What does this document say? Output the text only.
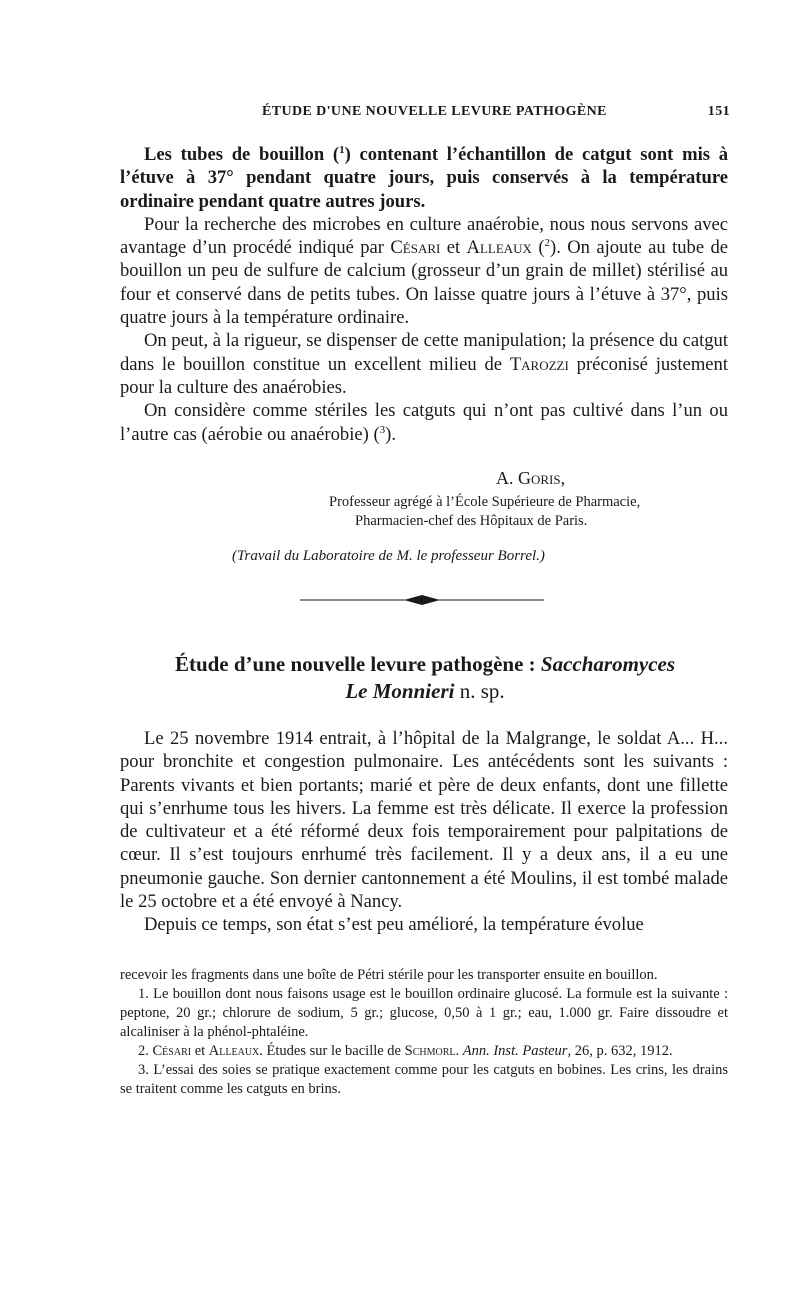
ÉTUDE D'UNE NOUVELLE LEVURE PATHOGÈNE	151

Les tubes de bouillon ($^1$) contenant l’échantillon de catgut sont mis à l’étuve à 37° pendant quatre jours, puis conservés à la température ordinaire pendant quatre autres jours.

Pour la recherche des microbes en culture anaérobie, nous nous servons avec avantage d’un procédé indiqué par Césari et Alleaux ($^2$). On ajoute au tube de bouillon un peu de sulfure de calcium (grosseur d’un grain de millet) stérilisé au four et conservé dans de petits tubes. On laisse quatre jours à l’étuve à 37°, puis quatre jours à la température ordinaire.

On peut, à la rigueur, se dispenser de cette manipulation; la présence du catgut dans le bouillon constitue un excellent milieu de Tarozzi préconisé justement pour la culture des anaérobies.

On considère comme stériles les catguts qui n’ont pas cultivé dans l’un ou l’autre cas (aérobie ou anaérobie) ($^3$).

A. Goris,
Professeur agrégé à l’École Supérieure de Pharmacie,
Pharmacien-chef des Hôpitaux de Paris.
(Travail du Laboratoire de M. le professeur Borrel.)
Étude d’une nouvelle levure pathogène : Saccharomyces
Le Monnieri n. sp.

Le 25 novembre 1914 entrait, à l’hôpital de la Malgrange, le soldat A... H... pour bronchite et congestion pulmonaire. Les antécédents sont les suivants : Parents vivants et bien portants; marié et père de deux enfants, dont une fillette qui s’enrhume tous les hivers. La femme est très délicate. Il exerce la profession de cultivateur et a été réformé deux fois temporairement pour palpitations de cœur. Il s’est toujours enrhumé très facilement. Il y a deux ans, il a eu une pneumonie gauche. Son dernier cantonnement a été Moulins, il est tombé malade le 25 octobre et a été envoyé à Nancy.

Depuis ce temps, son état s’est peu amélioré, la température évolue

recevoir les fragments dans une boîte de Pétri stérile pour les transporter ensuite en bouillon.

1. Le bouillon dont nous faisons usage est le bouillon ordinaire glucosé. La formule est la suivante : peptone, 20 gr.; chlorure de sodium, 5 gr.; glucose, 0,50 à 1 gr.; eau, 1.000 gr. Faire dissoudre et alcaliniser à la phénol-phtaléine.

2. Césari et Alleaux. Études sur le bacille de Schmorl. Ann. Inst. Pasteur, 26, p. 632, 1912.

3. L’essai des soies se pratique exactement comme pour les catguts en bobines. Les crins, les drains se traitent comme les catguts en brins.
